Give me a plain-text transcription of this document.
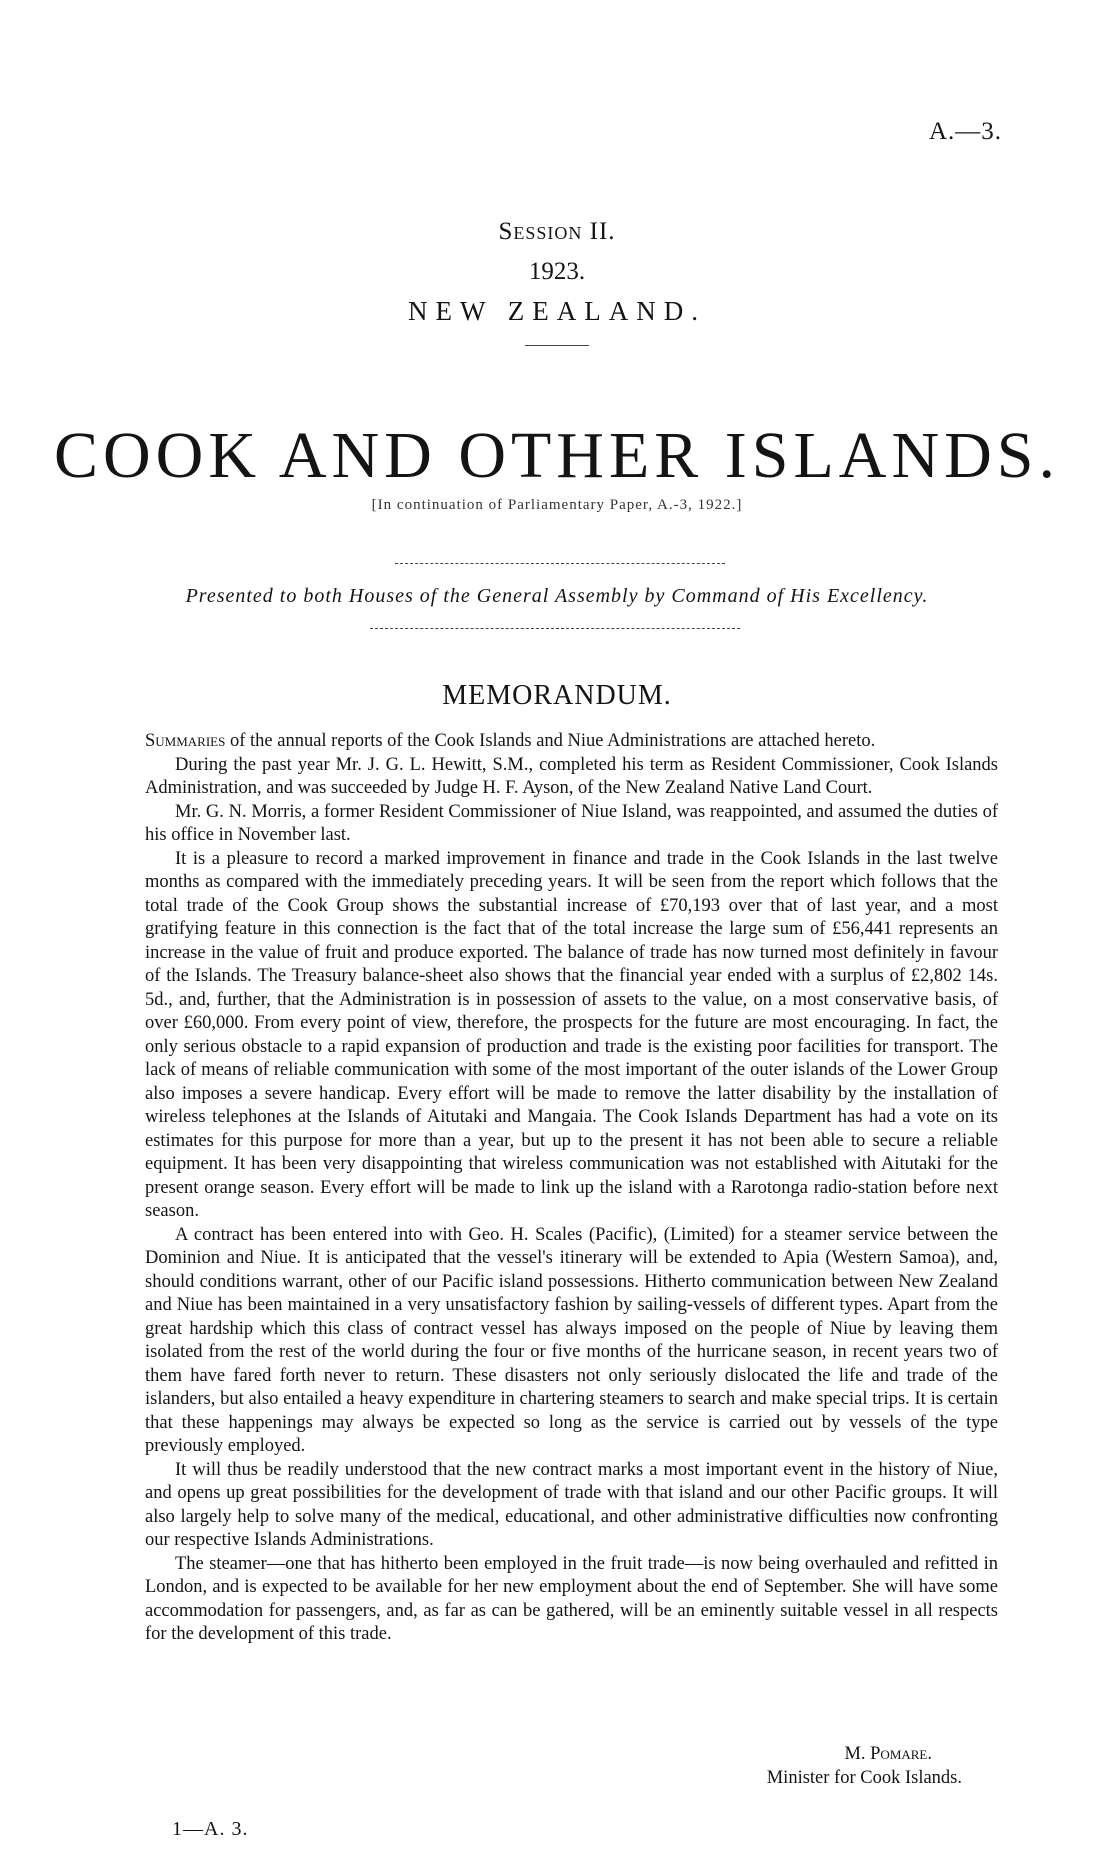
A.—3.
Session II.
1923.
NEW ZEALAND.
COOK AND OTHER ISLANDS.
[In continuation of Parliamentary Paper, A.-3, 1922.]
Presented to both Houses of the General Assembly by Command of His Excellency.
MEMORANDUM.

Summaries of the annual reports of the Cook Islands and Niue Administrations are attached hereto.

During the past year Mr. J. G. L. Hewitt, S.M., completed his term as Resident Commissioner, Cook Islands Administration, and was succeeded by Judge H. F. Ayson, of the New Zealand Native Land Court.

Mr. G. N. Morris, a former Resident Commissioner of Niue Island, was reappointed, and assumed the duties of his office in November last.

It is a pleasure to record a marked improvement in finance and trade in the Cook Islands in the last twelve months as compared with the immediately preceding years. It will be seen from the report which follows that the total trade of the Cook Group shows the substantial increase of £70,193 over that of last year, and a most gratifying feature in this connection is the fact that of the total increase the large sum of £56,441 represents an increase in the value of fruit and produce exported. The balance of trade has now turned most definitely in favour of the Islands. The Treasury balance-sheet also shows that the financial year ended with a surplus of £2,802 14s. 5d., and, further, that the Administration is in possession of assets to the value, on a most conservative basis, of over £60,000. From every point of view, therefore, the prospects for the future are most encouraging. In fact, the only serious obstacle to a rapid expansion of production and trade is the existing poor facilities for transport. The lack of means of reliable communication with some of the most important of the outer islands of the Lower Group also imposes a severe handicap. Every effort will be made to remove the latter disability by the installation of wireless telephones at the Islands of Aitutaki and Mangaia. The Cook Islands Department has had a vote on its estimates for this purpose for more than a year, but up to the present it has not been able to secure a reliable equipment. It has been very disappointing that wireless communication was not established with Aitutaki for the present orange season. Every effort will be made to link up the island with a Rarotonga radio-station before next season.

A contract has been entered into with Geo. H. Scales (Pacific), (Limited) for a steamer service between the Dominion and Niue. It is anticipated that the vessel's itinerary will be extended to Apia (Western Samoa), and, should conditions warrant, other of our Pacific island possessions. Hitherto communication between New Zealand and Niue has been maintained in a very unsatisfactory fashion by sailing-vessels of different types. Apart from the great hardship which this class of contract vessel has always imposed on the people of Niue by leaving them isolated from the rest of the world during the four or five months of the hurricane season, in recent years two of them have fared forth never to return. These disasters not only seriously dislocated the life and trade of the islanders, but also entailed a heavy expenditure in chartering steamers to search and make special trips. It is certain that these happenings may always be expected so long as the service is carried out by vessels of the type previously employed.

It will thus be readily understood that the new contract marks a most important event in the history of Niue, and opens up great possibilities for the development of trade with that island and our other Pacific groups. It will also largely help to solve many of the medical, educational, and other administrative difficulties now confronting our respective Islands Administrations.

The steamer—one that has hitherto been employed in the fruit trade—is now being overhauled and refitted in London, and is expected to be available for her new employment about the end of September. She will have some accommodation for passengers, and, as far as can be gathered, will be an eminently suitable vessel in all respects for the development of this trade.

M. Pomare.
Minister for Cook Islands.
1—A. 3.
